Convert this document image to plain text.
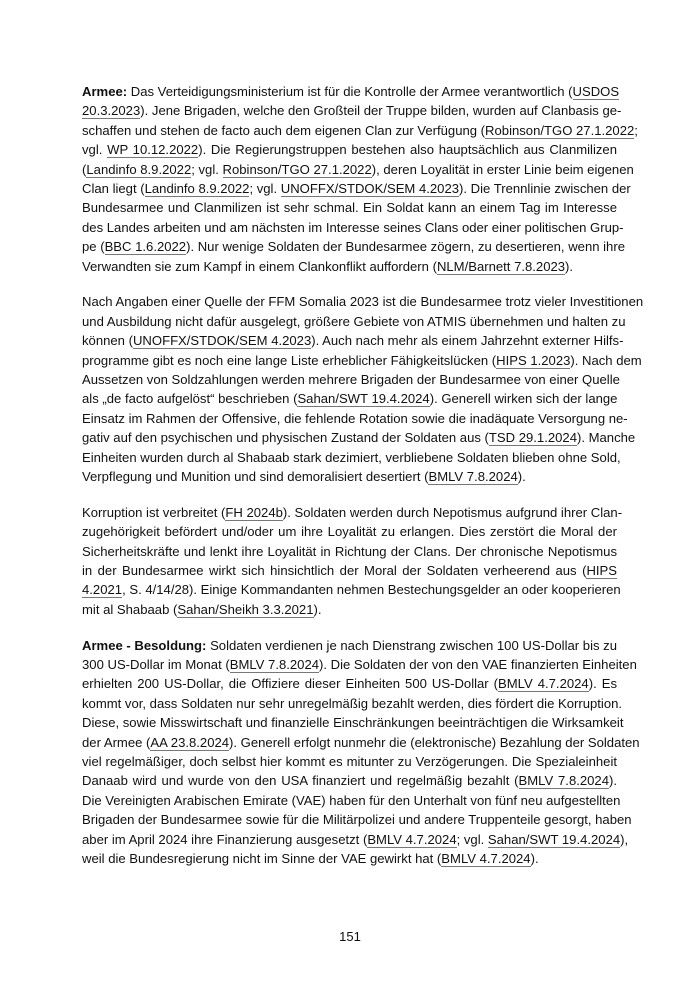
Armee: Das Verteidigungsministerium ist für die Kontrolle der Armee verantwortlich (USDOS
20.3.2023). Jene Brigaden, welche den Großteil der Truppe bilden, wurden auf Clanbasis ge-
schaffen und stehen de facto auch dem eigenen Clan zur Verfügung (Robinson/TGO 27.1.2022;
vgl. WP 10.12.2022). Die Regierungstruppen bestehen also hauptsächlich aus Clanmilizen
(Landinfo 8.9.2022; vgl. Robinson/TGO 27.1.2022), deren Loyalität in erster Linie beim eigenen
Clan liegt (Landinfo 8.9.2022; vgl. UNOFFX/STDOK/SEM 4.2023). Die Trennlinie zwischen der
Bundesarmee und Clanmilizen ist sehr schmal. Ein Soldat kann an einem Tag im Interesse
des Landes arbeiten und am nächsten im Interesse seines Clans oder einer politischen Grup-
pe (BBC 1.6.2022). Nur wenige Soldaten der Bundesarmee zögern, zu desertieren, wenn ihre
Verwandten sie zum Kampf in einem Clankonflikt auffordern (NLM/Barnett 7.8.2023).
Nach Angaben einer Quelle der FFM Somalia 2023 ist die Bundesarmee trotz vieler Investitionen
und Ausbildung nicht dafür ausgelegt, größere Gebiete von ATMIS übernehmen und halten zu
können (UNOFFX/STDOK/SEM 4.2023). Auch nach mehr als einem Jahrzehnt externer Hilfs-
programme gibt es noch eine lange Liste erheblicher Fähigkeitslücken (HIPS 1.2023). Nach dem
Aussetzen von Soldzahlungen werden mehrere Brigaden der Bundesarmee von einer Quelle
als „de facto aufgelöst“ beschrieben (Sahan/SWT 19.4.2024). Generell wirken sich der lange
Einsatz im Rahmen der Offensive, die fehlende Rotation sowie die inadäquate Versorgung ne-
gativ auf den psychischen und physischen Zustand der Soldaten aus (TSD 29.1.2024). Manche
Einheiten wurden durch al Shabaab stark dezimiert, verbliebene Soldaten blieben ohne Sold,
Verpflegung und Munition und sind demoralisiert desertiert (BMLV 7.8.2024).
Korruption ist verbreitet (FH 2024b). Soldaten werden durch Nepotismus aufgrund ihrer Clan-
zugehörigkeit befördert und/oder um ihre Loyalität zu erlangen. Dies zerstört die Moral der
Sicherheitskräfte und lenkt ihre Loyalität in Richtung der Clans. Der chronische Nepotismus
in der Bundesarmee wirkt sich hinsichtlich der Moral der Soldaten verheerend aus (HIPS
4.2021, S. 4/14/28). Einige Kommandanten nehmen Bestechungsgelder an oder kooperieren
mit al Shabaab (Sahan/Sheikh 3.3.2021).
Armee - Besoldung: Soldaten verdienen je nach Dienstrang zwischen 100 US-Dollar bis zu
300 US-Dollar im Monat (BMLV 7.8.2024). Die Soldaten der von den VAE finanzierten Einheiten
erhielten 200 US-Dollar, die Offiziere dieser Einheiten 500 US-Dollar (BMLV 4.7.2024). Es
kommt vor, dass Soldaten nur sehr unregelmäßig bezahlt werden, dies fördert die Korruption.
Diese, sowie Misswirtschaft und finanzielle Einschränkungen beeinträchtigen die Wirksamkeit
der Armee (AA 23.8.2024). Generell erfolgt nunmehr die (elektronische) Bezahlung der Soldaten
viel regelmäßiger, doch selbst hier kommt es mitunter zu Verzögerungen. Die Spezialeinheit
Danaab wird und wurde von den USA finanziert und regelmäßig bezahlt (BMLV 7.8.2024).
Die Vereinigten Arabischen Emirate (VAE) haben für den Unterhalt von fünf neu aufgestellten
Brigaden der Bundesarmee sowie für die Militärpolizei und andere Truppenteile gesorgt, haben
aber im April 2024 ihre Finanzierung ausgesetzt (BMLV 4.7.2024; vgl. Sahan/SWT 19.4.2024),
weil die Bundesregierung nicht im Sinne der VAE gewirkt hat (BMLV 4.7.2024).
151
